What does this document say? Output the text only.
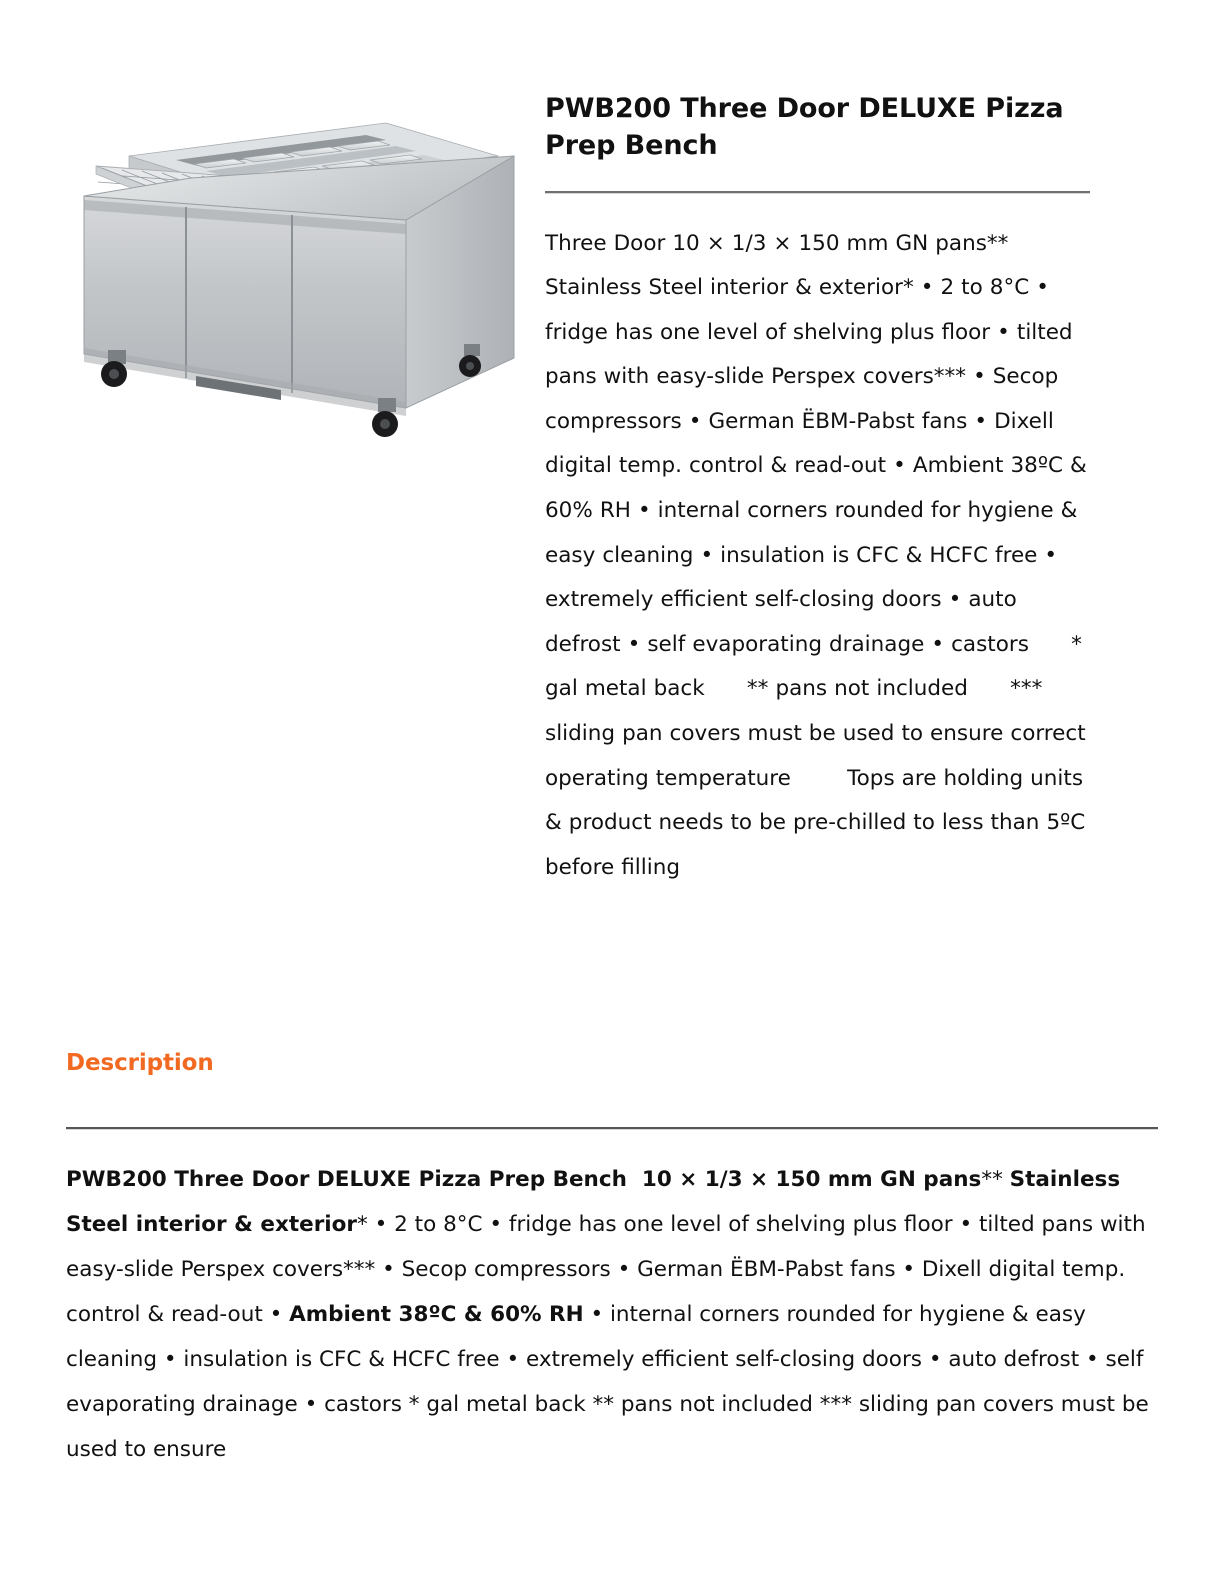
PWB200 Three Door DELUXE Pizza Prep Bench

Three Door 10 × 1/3 × 150 mm GN pans** Stainless Steel interior & exterior* • 2 to 8°C • fridge has one level of shelving plus floor • tilted pans with easy-slide Perspex covers*** • Secop compressors • German ËBM-Pabst fans • Dixell digital temp. control & read-out • Ambient 38ºC & 60% RH • internal corners rounded for hygiene & easy cleaning • insulation is CFC & HCFC free • extremely efficient self-closing doors • auto defrost • self evaporating drainage • castors      * gal metal back      ** pans not included      *** sliding pan covers must be used to ensure correct operating temperature        Tops are holding units & product needs to be pre-chilled to less than 5ºC before filling

Description

PWB200 Three Door DELUXE Pizza Prep Bench  10 × 1/3 × 150 mm GN pans** Stainless Steel interior & exterior* • 2 to 8°C • fridge has one level of shelving plus floor • tilted pans with easy-slide Perspex covers*** • Secop compressors • German ËBM-Pabst fans • Dixell digital temp. control & read-out • Ambient 38ºC & 60% RH • internal corners rounded for hygiene & easy cleaning • insulation is CFC & HCFC free • extremely efficient self-closing doors • auto defrost • self evaporating drainage • castors * gal metal back ** pans not included *** sliding pan covers must be used to ensure
